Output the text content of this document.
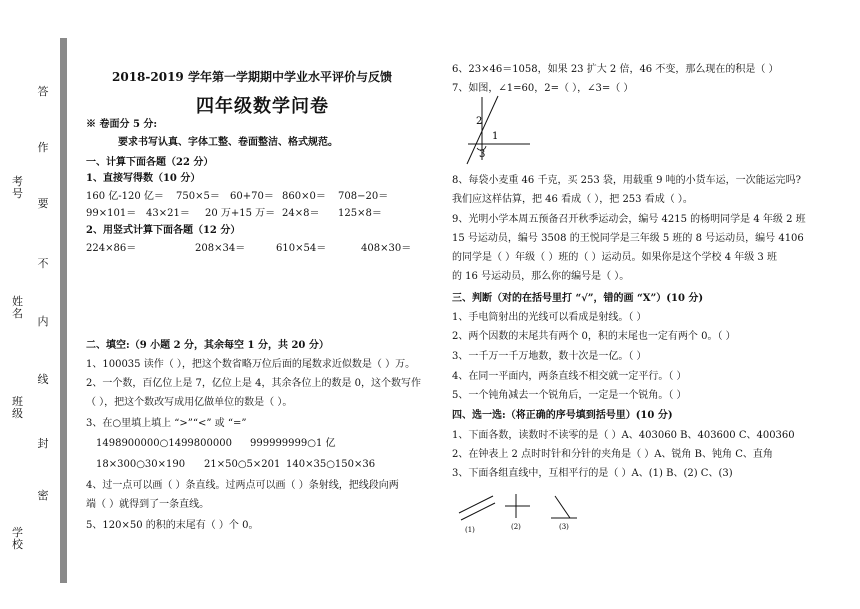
答
作
要
不
内
线
封
密
考号
姓名
班级
学校
2018-2019 学年第一学期期中学业水平评价与反馈
四年级数学问卷
※ 卷面分 5 分:
要求书写认真、字体工整、卷面整洁、格式规范。
一、计算下面各题（22 分）
1、直接写得数（10 分）
160 亿-120 亿＝ 750×5＝ 60+70＝ 860×0＝ 708−20＝
99×101＝ 43×21＝ 20 万+15 万＝ 24×8＝ 125×8＝
2、用竖式计算下面各题（12 分）
224×86＝	208×34＝	610×54＝	408×30＝
二、填空:（9 小题 2 分，其余每空 1 分，共 20 分）
1、100035 读作（ ），把这个数省略万位后面的尾数求近似数是（ ）万。
2、一个数，百亿位上是 7，亿位上是 4，其余各位上的数是 0，这个数写作
（ ），把这个数改写成用亿做单位的数是（ ）。
3、在○里填上填上 “>”“<” 或 “=”
1498900000○1499800000 999999999○1 亿
18×300○30×190 21×50○5×201 140×35○150×36
4、过一点可以画（ ）条直线。过两点可以画（ ）条射线，把线段向两
端（ ）就得到了一条直线。
5、120×50 的积的末尾有（ ）个 0。
6、23×46＝1058，如果 23 扩大 2 倍，46 不变，那么现在的积是（ ）
7、如图，∠1=60，2=（ ），∠3=（ ）
2
1
3
8、每袋小麦重 46 千克，买 253 袋，用载重 9 吨的小货车运，一次能运完吗?
我们应这样估算，把 46 看成（ ），把 253 看成（ ）。
9、光明小学本周五预备召开秋季运动会，编号 4215 的杨明同学是 4 年级 2 班
15 号运动员，编号 3508 的王悦同学是三年级 5 班的 8 号运动员，编号 4106
的同学是（ ）年级（ ）班的（ ）运动员。如果你是这个学校 4 年级 3 班
的 16 号运动员，那么你的编号是（ ）。
三、判断（对的在括号里打 “√”，错的画 “X”）(10 分)
1、手电筒射出的光线可以看成是射线。（ ）
2、两个因数的末尾共有两个 0，积的末尾也一定有两个 0。（ ）
3、一千万一千万地数，数十次是一亿。（ ）
4、在同一平面内，两条直线不相交就一定平行。（ ）
5、一个钝角减去一个锐角后，一定是一个锐角。（ ）
四、选一选:（将正确的序号填到括号里）(10 分)
1、下面各数，读数时不读零的是（ ）A、403060 B、403600 C、400360
2、在钟表上 2 点时时针和分针的夹角是（ ）A、锐角 B、钝角 C、直角
3、下面各组直线中，互相平行的是（ ）A、(1) B、(2) C、(3)
(1)	(2)	(3)
